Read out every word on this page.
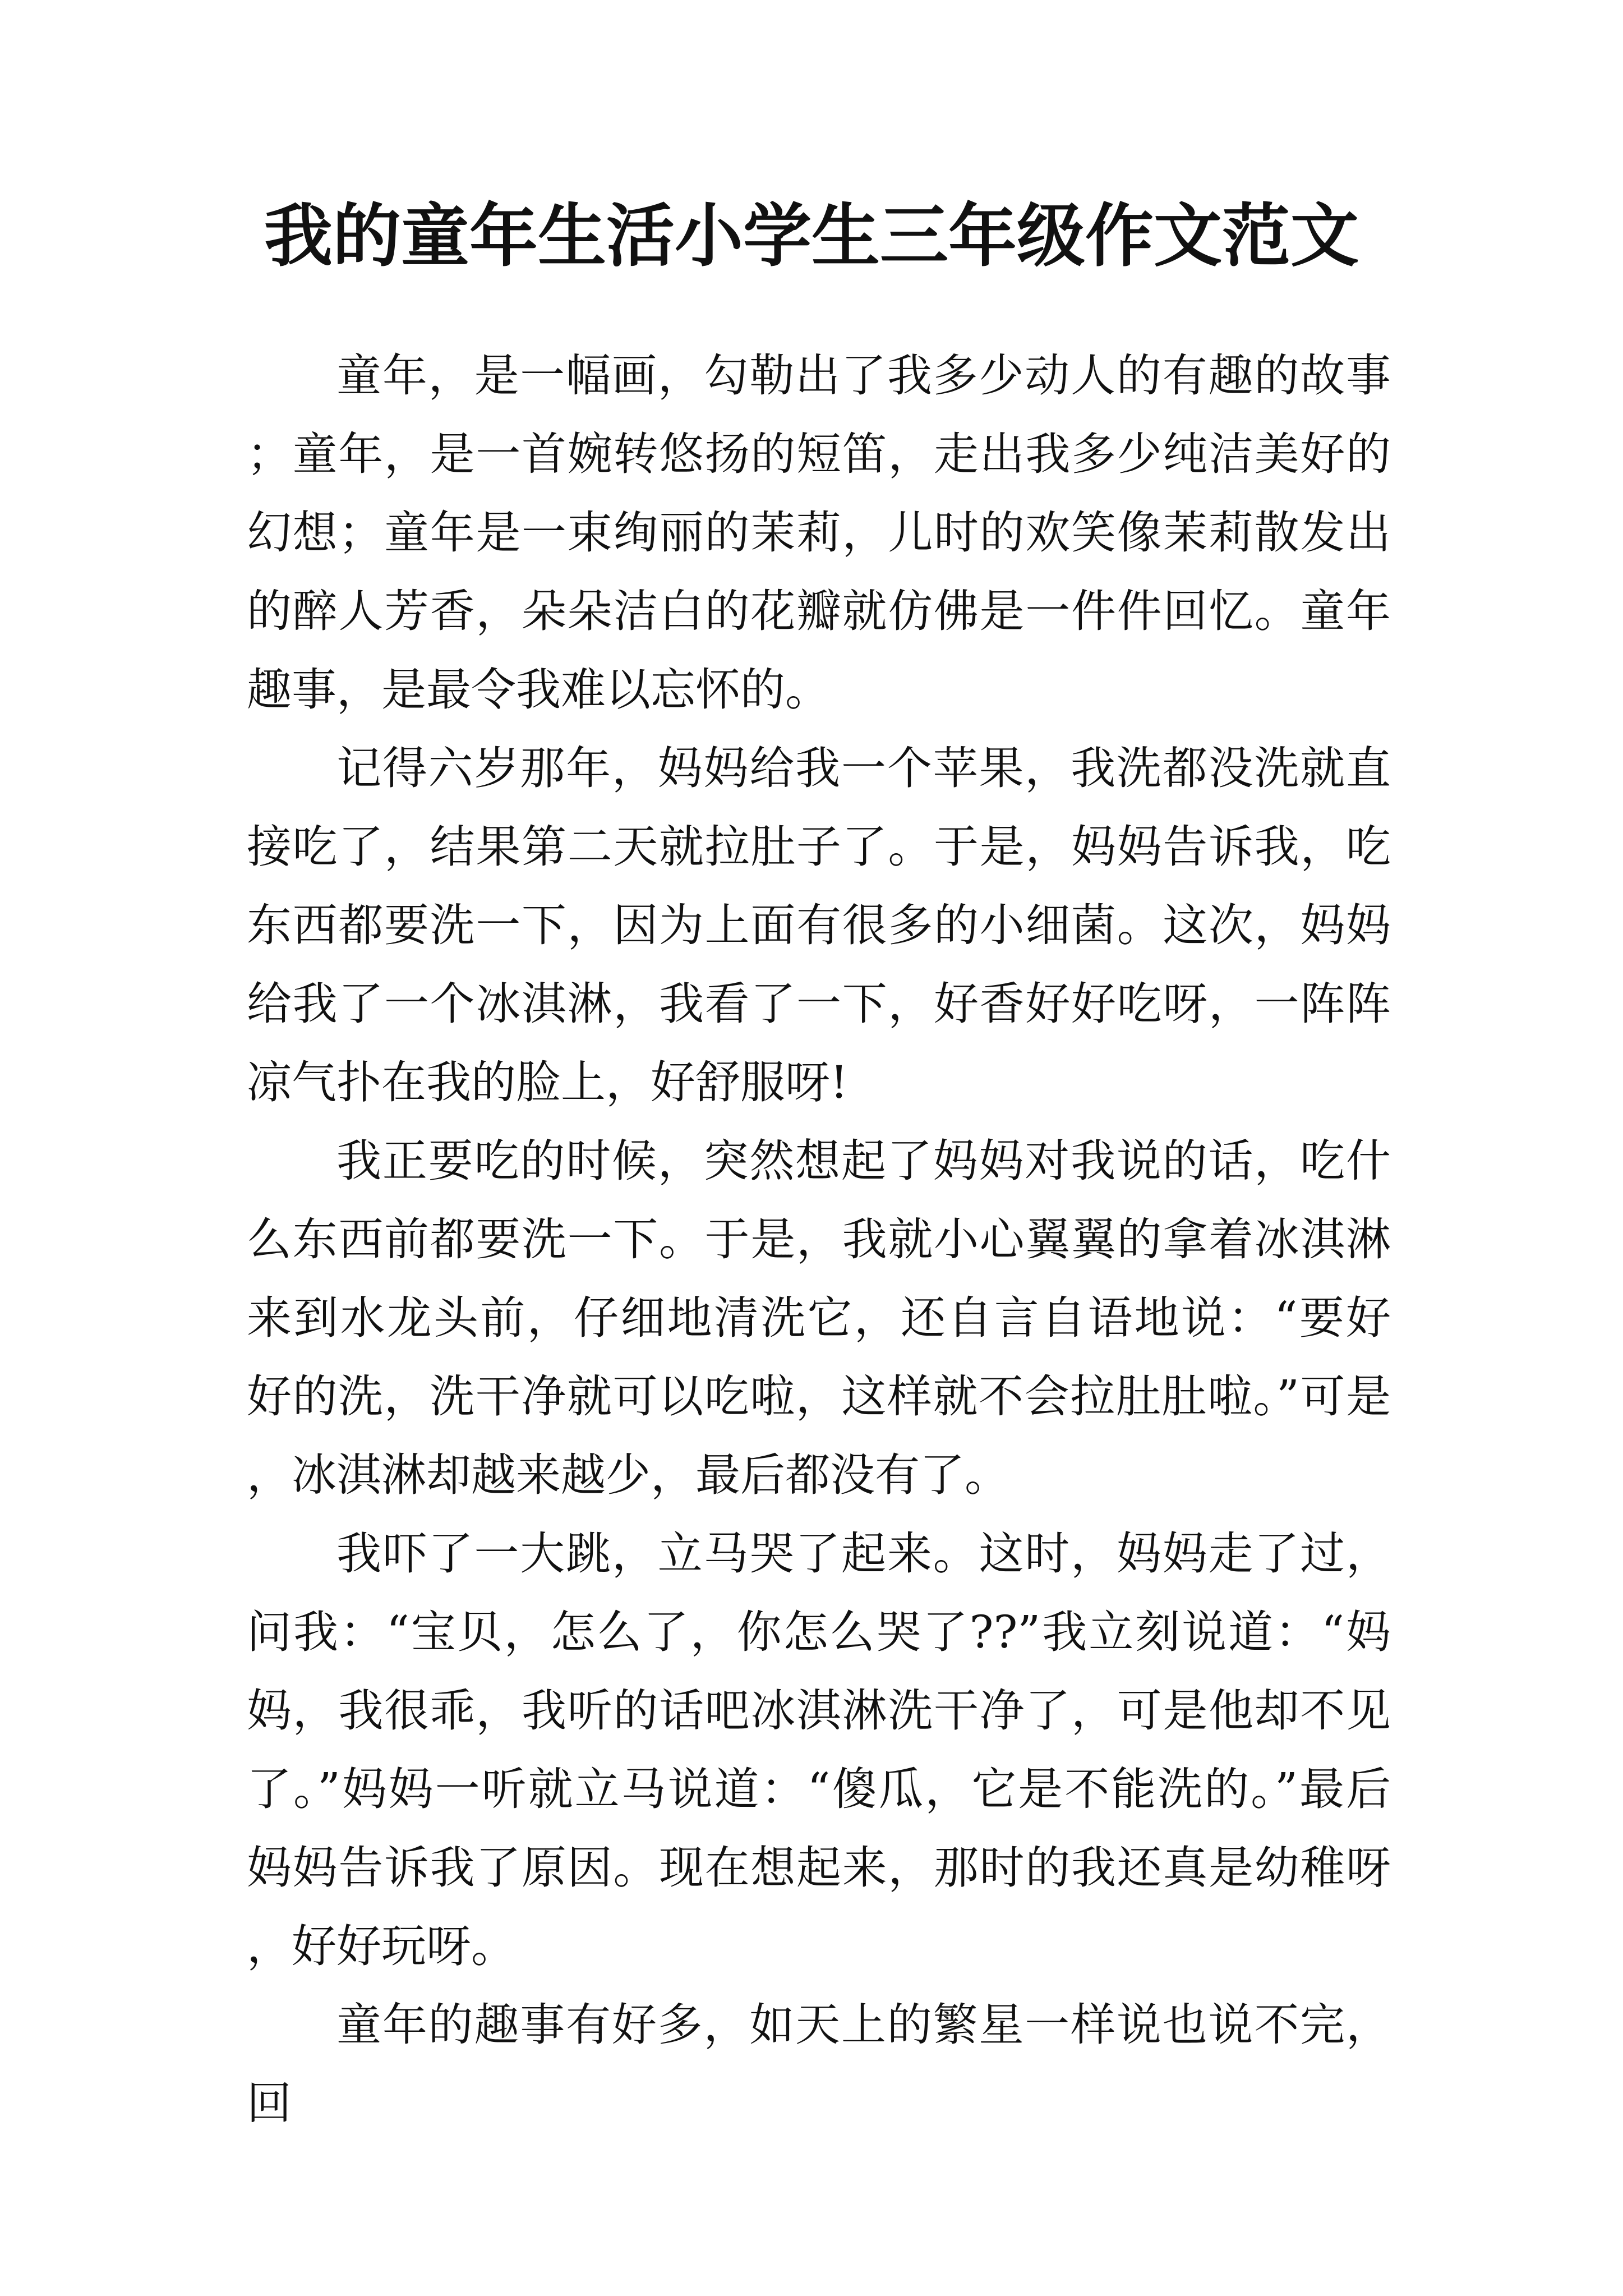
我的童年生活小学生三年级作文范文

童年，是一幅画，勾勒出了我多少动人的有趣的故事；童年，是一首婉转悠扬的短笛，走出我多少纯洁美好的幻想；童年是一束绚丽的茉莉，儿时的欢笑像茉莉散发出的醉人芳香，朵朵洁白的花瓣就仿佛是一件件回忆。童年趣事，是最令我难以忘怀的。

记得六岁那年，妈妈给我一个苹果，我洗都没洗就直接吃了，结果第二天就拉肚子了。于是，妈妈告诉我，吃东西都要洗一下，因为上面有很多的小细菌。这次，妈妈给我了一个冰淇淋，我看了一下，好香好好吃呀，一阵阵凉气扑在我的脸上，好舒服呀!

我正要吃的时候，突然想起了妈妈对我说的话，吃什么东西前都要洗一下。于是，我就小心翼翼的拿着冰淇淋来到水龙头前，仔细地清洗它，还自言自语地说：“要好好的洗，洗干净就可以吃啦，这样就不会拉肚肚啦。”可是，冰淇淋却越来越少，最后都没有了。

我吓了一大跳，立马哭了起来。这时，妈妈走了过，问我：“宝贝，怎么了，你怎么哭了??”我立刻说道：“妈妈，我很乖，我听的话吧冰淇淋洗干净了，可是他却不见了。”妈妈一听就立马说道：“傻瓜，它是不能洗的。”最后妈妈告诉我了原因。现在想起来，那时的我还真是幼稚呀，好好玩呀。

童年的趣事有好多，如天上的繁星一样说也说不完，回
